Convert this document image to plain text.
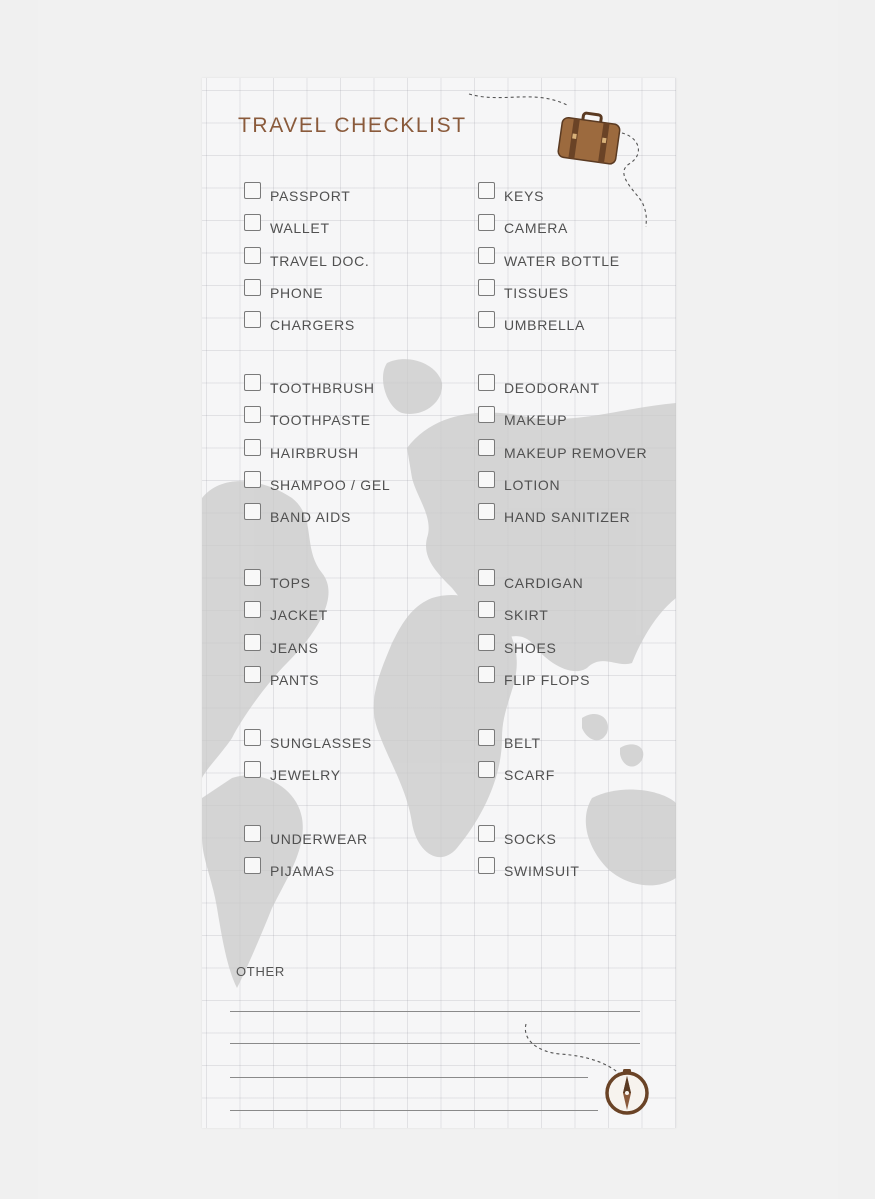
TRAVEL CHECKLIST
PASSPORT
WALLET
TRAVEL DOC.
PHONE
CHARGERS
KEYS
CAMERA
WATER BOTTLE
TISSUES
UMBRELLA
TOOTHBRUSH
TOOTHPASTE
HAIRBRUSH
SHAMPOO / GEL
BAND AIDS
DEODORANT
MAKEUP
MAKEUP REMOVER
LOTION
HAND SANITIZER
TOPS
JACKET
JEANS
PANTS
CARDIGAN
SKIRT
SHOES
FLIP FLOPS
SUNGLASSES
JEWELRY
BELT
SCARF
UNDERWEAR
PIJAMAS
SOCKS
SWIMSUIT
OTHER
